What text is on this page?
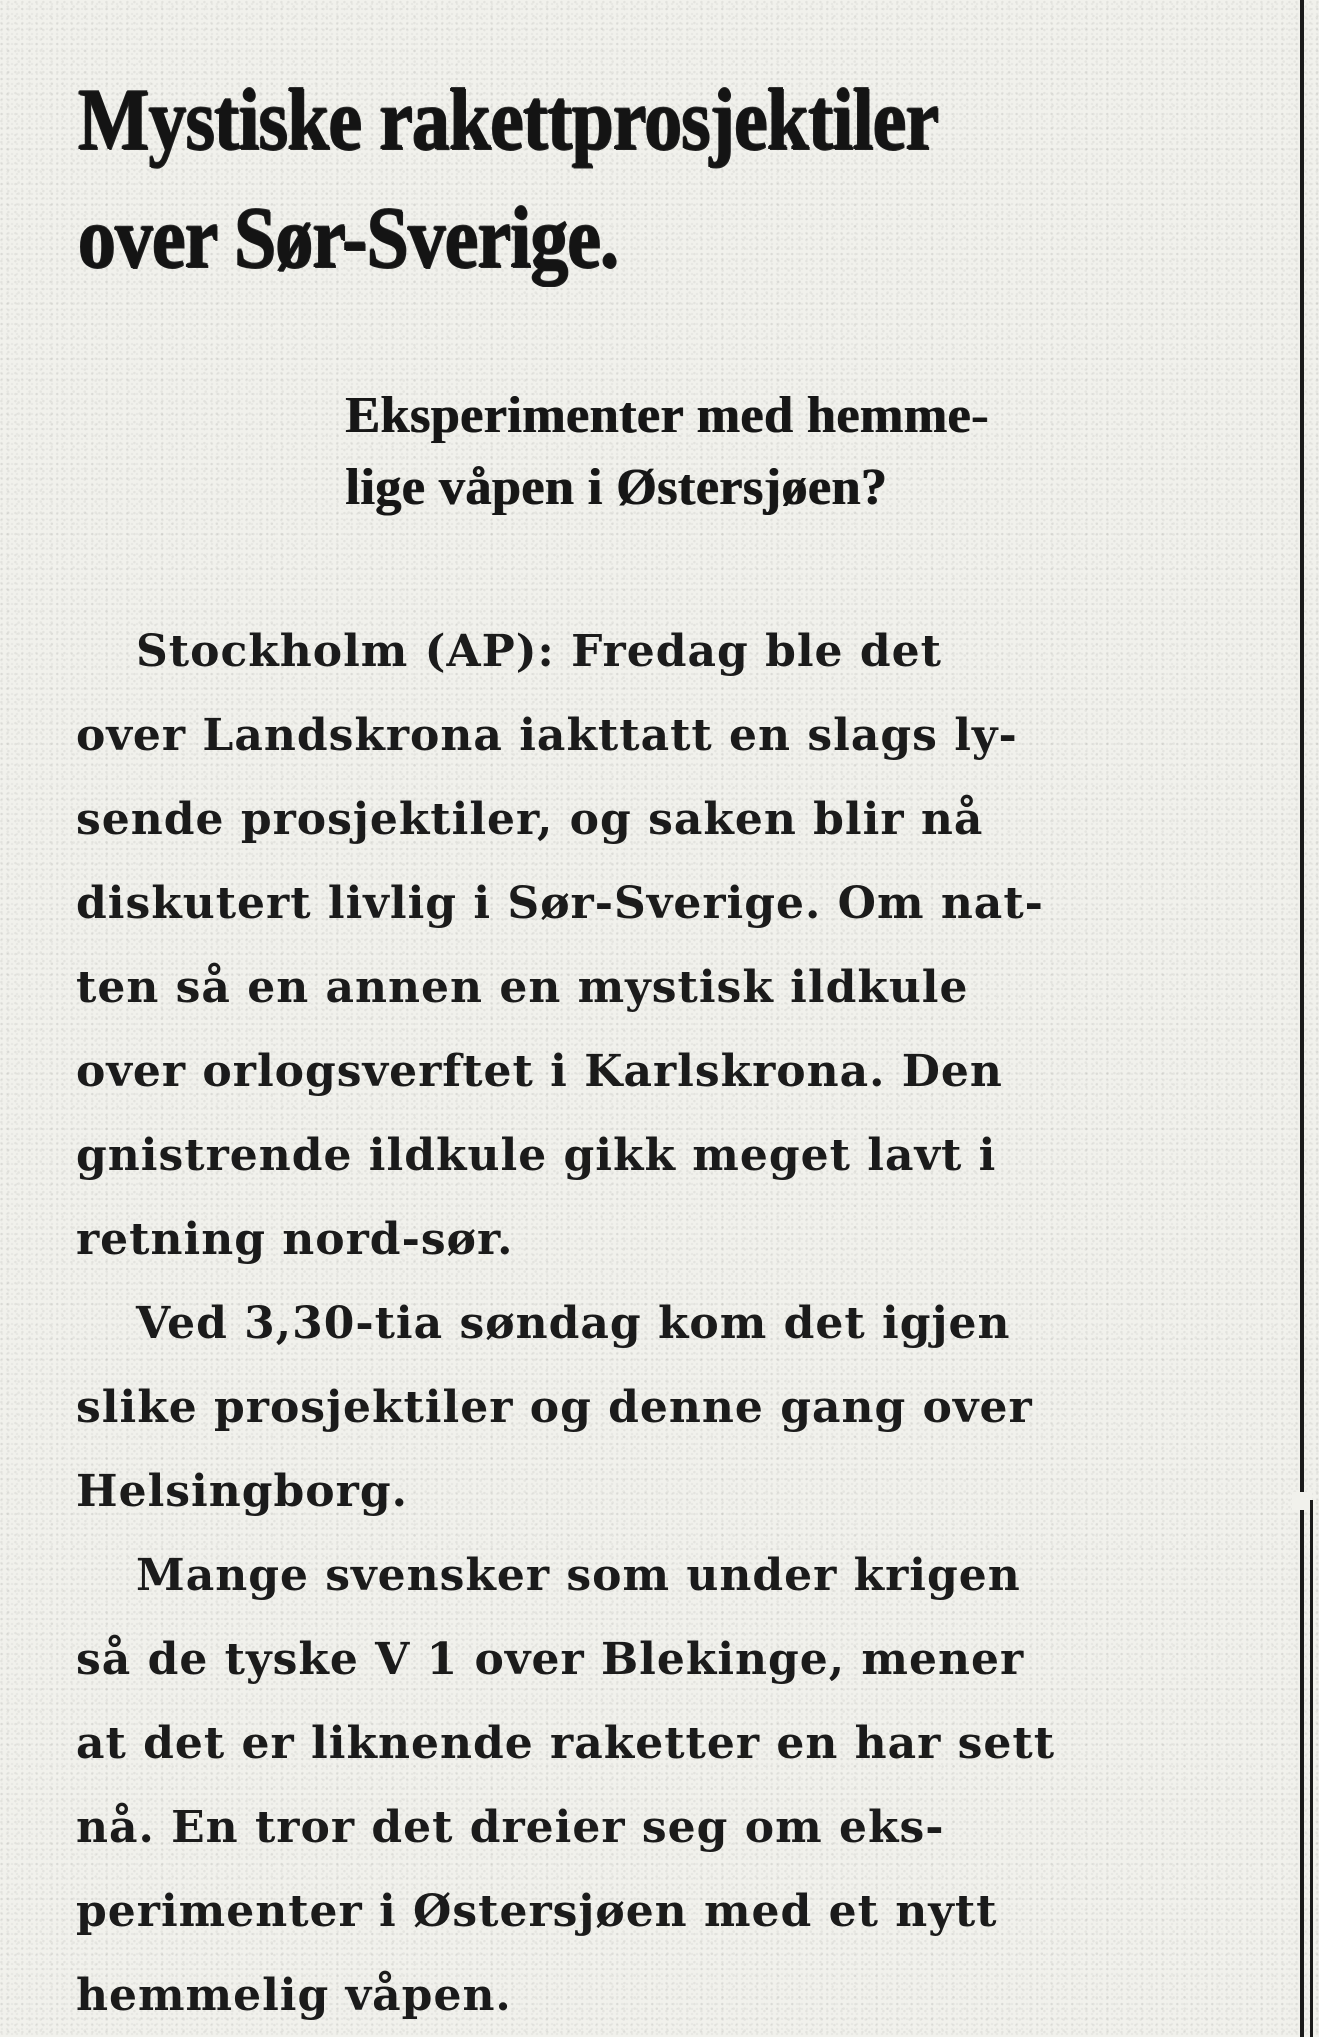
Mystiske rakettprosjektiler
over Sør-Sverige.
Eksperimenter med hemme-
lige våpen i Østersjøen?

Stockholm (AP): Fredag ble det
over Landskrona iakttatt en slags ly-
sende prosjektiler, og saken blir nå
diskutert livlig i Sør-Sverige. Om nat-
ten så en annen en mystisk ildkule
over orlogsverftet i Karlskrona. Den
gnistrende ildkule gikk meget lavt i
retning nord-sør.

Ved 3,30-tia søndag kom det igjen
slike prosjektiler og denne gang over
Helsingborg.

Mange svensker som under krigen
så de tyske V 1 over Blekinge, mener
at det er liknende raketter en har sett
nå. En tror det dreier seg om eks-
perimenter i Østersjøen med et nytt
hemmelig våpen.
